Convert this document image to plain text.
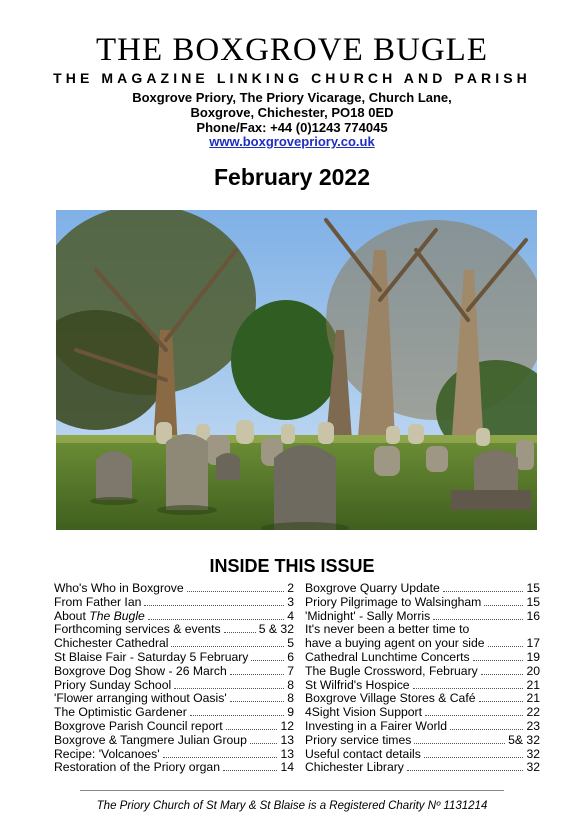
THE BOXGROVE BUGLE
THE MAGAZINE LINKING CHURCH AND PARISH
Boxgrove Priory, The Priory Vicarage, Church Lane,
Boxgrove, Chichester, PO18 0ED
Phone/Fax: +44 (0)1243 774045
www.boxgrovepriory.co.uk
February 2022
INSIDE THIS ISSUE
Who's Who in Boxgrove	2
From Father Ian	3
About The Bugle	4
Forthcoming services & events	5 & 32
Chichester Cathedral	5
St Blaise Fair - Saturday 5 February	6
Boxgrove Dog Show - 26 March	7
Priory Sunday School	8
'Flower arranging without Oasis'	8
The Optimistic Gardener	9
Boxgrove Parish Council report	12
Boxgrove & Tangmere Julian Group	13
Recipe: 'Volcanoes'	13
Restoration of the Priory organ	14
Boxgrove Quarry Update	15
Priory Pilgrimage to Walsingham	15
'Midnight' - Sally Morris	16
It's never been a better time to
have a buying agent on your side	17
Cathedral Lunchtime Concerts	19
The Bugle Crossword, February	20
St Wilfrid's Hospice	21
Boxgrove Village Stores & Café	21
4Sight Vision Support	22
Investing in a Fairer World	23
Priory service times	5& 32
Useful contact details	32
Chichester Library	32
The Priory Church of St Mary & St Blaise is a Registered Charity Nº 1131214
